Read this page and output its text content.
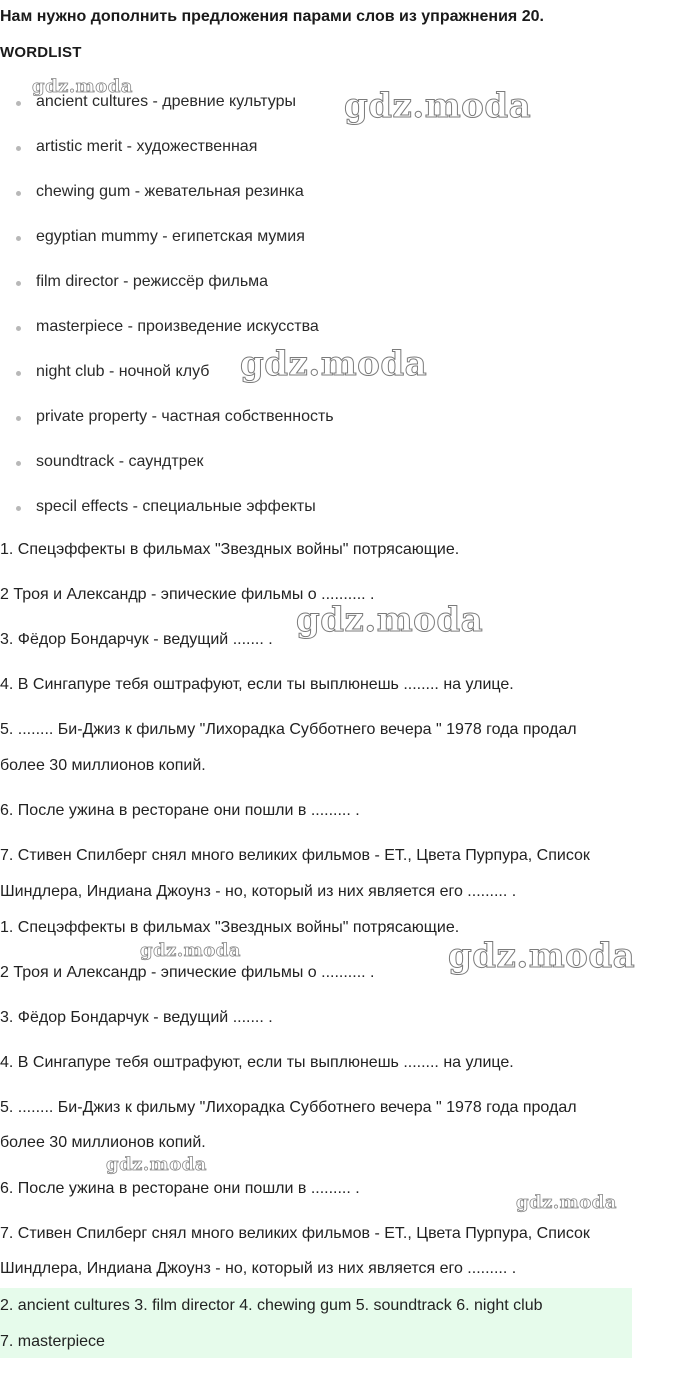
Нам нужно дополнить предложения парами слов из упражнения 20.
WORDLIST
ancient cultures - древние культуры
artistic merit - художественная
chewing gum - жевательная резинка
egyptian mummy - египетская мумия
film director - режиссёр фильма
masterpiece - произведение искусства
night club - ночной клуб
private property - частная собственность
soundtrack - саундтрек
specil effects - специальные эффекты
1. Спецэффекты в фильмах "Звездных войны" потрясающие.
2 Троя и Александр - эпические фильмы о .......... .
3. Фёдор Бондарчук - ведущий ....... .
4. В Сингапуре тебя оштрафуют, если ты выплюнешь ........ на улице.
5. ........ Би-Джиз к фильму "Лихорадка Субботнего вечера " 1978 года продал
более 30 миллионов копий.
6. После ужина в ресторане они пошли в ......... .
7. Стивен Спилберг снял много великих фильмов - ЕТ., Цвета Пурпура, Список
Шиндлера, Индиана Джоунз - но, который из них является его ......... .
1. Спецэффекты в фильмах "Звездных войны" потрясающие.
2 Троя и Александр - эпические фильмы о .......... .
3. Фёдор Бондарчук - ведущий ....... .
4. В Сингапуре тебя оштрафуют, если ты выплюнешь ........ на улице.
5. ........ Би-Джиз к фильму "Лихорадка Субботнего вечера " 1978 года продал
более 30 миллионов копий.
6. После ужина в ресторане они пошли в ......... .
7. Стивен Спилберг снял много великих фильмов - ЕТ., Цвета Пурпура, Список
Шиндлера, Индиана Джоунз - но, который из них является его ......... .
2. ancient cultures 3. film director 4. chewing gum 5. soundtrack 6. night club
7. masterpiece
gdz.moda	gdz.moda
gdz.moda
gdz.moda
gdz.moda	gdz.moda
gdz.moda
gdz.moda
